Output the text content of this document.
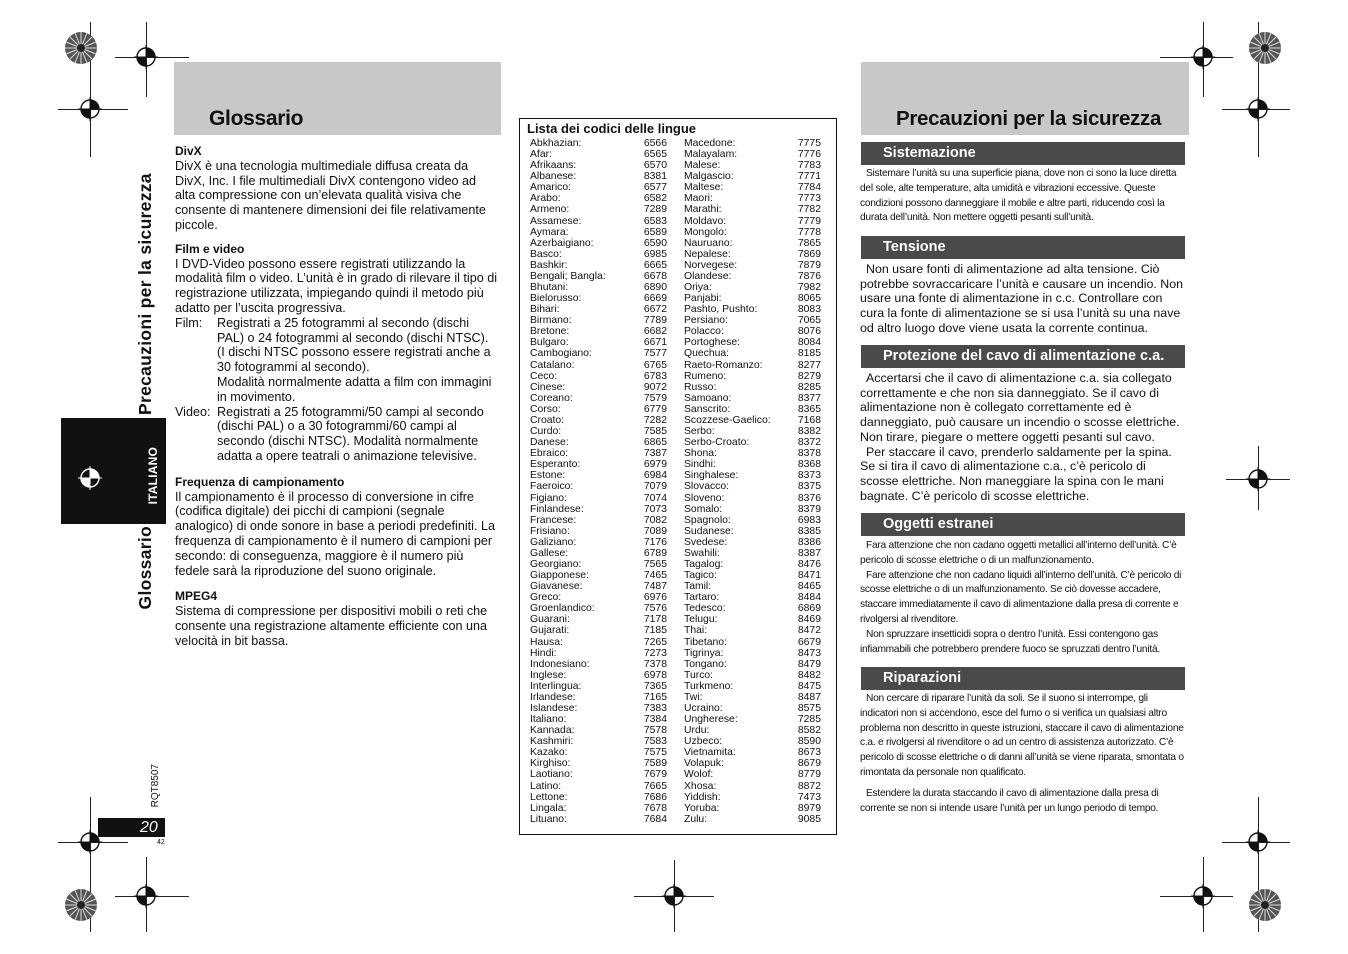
Glossario	Precauzioni per la sicurezza
Glossario
Precauzioni per la sicurezza
ITALIANO
RQT8507
20
42
DivX

DivX è una tecnologia multimediale diffusa creata da DivX, Inc. I file multimediali DivX contengono video ad alta compressione con un’elevata qualità visiva che consente di mantenere dimensioni dei file relativamente piccole.

Film e video

I DVD-Video possono essere registrati utilizzando la modalità film o video. L’unità è in grado di rilevare il tipo di registrazione utilizzata, impiegando quindi il metodo più adatto per l’uscita progressiva.

Film:	Registrati a 25 fotogrammi al secondo (dischi PAL) o 24 fotogrammi al secondo (dischi NTSC).
(I dischi NTSC possono essere registrati anche a 30 fotogrammi al secondo).
Modalità normalmente adatta a film con immagini in movimento.

Video:	Registrati a 25 fotogrammi/50 campi al secondo (dischi PAL) o a 30 fotogrammi/60 campi al secondo (dischi NTSC). Modalità normalmente adatta a opere teatrali o animazione televisive.
Frequenza di campionamento

Il campionamento è il processo di conversione in cifre (codifica digitale) dei picchi di campioni (segnale analogico) di onde sonore in base a periodi predefiniti. La frequenza di campionamento è il numero di campioni per secondo: di conseguenza, maggiore è il numero più fedele sarà la riproduzione del suono originale.

MPEG4

Sistema di compressione per dispositivi mobili o reti che consente una registrazione altamente efficiente con una velocità in bit bassa.

Lista dei codici delle lingue
Abkhazian:	6566
Afar:	6565
Afrikaans:	6570
Albanese:	8381
Amarico:	6577
Arabo:	6582
Armeno:	7289
Assamese:	6583
Aymara:	6589
Azerbaigiano:	6590
Basco:	6985
Bashkir:	6665
Bengali; Bangla:	6678
Bhutani:	6890
Bielorusso:	6669
Bihari:	6672
Birmano:	7789
Bretone:	6682
Bulgaro:	6671
Cambogiano:	7577
Catalano:	6765
Ceco:	6783
Cinese:	9072
Coreano:	7579
Corso:	6779
Croato:	7282
Curdo:	7585
Danese:	6865
Ebraico:	7387
Esperanto:	6979
Estone:	6984
Faeroico:	7079
Figiano:	7074
Finlandese:	7073
Francese:	7082
Frisiano:	7089
Galiziano:	7176
Gallese:	6789
Georgiano:	7565
Giapponese:	7465
Giavanese:	7487
Greco:	6976
Groenlandico:	7576
Guarani:	7178
Gujarati:	7185
Hausa:	7265
Hindi:	7273
Indonesiano:	7378
Inglese:	6978
Interlingua:	7365
Irlandese:	7165
Islandese:	7383
Italiano:	7384
Kannada:	7578
Kashmiri:	7583
Kazako:	7575
Kirghiso:	7589
Laotiano:	7679
Latino:	7665
Lettone:	7686
Lingala:	7678
Lituano:	7684
Macedone:	7775
Malayalam:	7776
Malese:	7783
Malgascio:	7771
Maltese:	7784
Maori:	7773
Marathi:	7782
Moldavo:	7779
Mongolo:	7778
Nauruano:	7865
Nepalese:	7869
Norvegese:	7879
Olandese:	7876
Oriya:	7982
Panjabi:	8065
Pashto, Pushto:	8083
Persiano:	7065
Polacco:	8076
Portoghese:	8084
Quechua:	8185
Raeto-Romanzo:	8277
Rumeno:	8279
Russo:	8285
Samoano:	8377
Sanscrito:	8365
Scozzese-Gaelico:	7168
Serbo:	8382
Serbo-Croato:	8372
Shona:	8378
Sindhi:	8368
Singhalese:	8373
Slovacco:	8375
Sloveno:	8376
Somalo:	8379
Spagnolo:	6983
Sudanese:	8385
Svedese:	8386
Swahili:	8387
Tagalog:	8476
Tagico:	8471
Tamil:	8465
Tartaro:	8484
Tedesco:	6869
Telugu:	8469
Thai:	8472
Tibetano:	6679
Tigrinya:	8473
Tongano:	8479
Turco:	8482
Turkmeno:	8475
Twi:	8487
Ucraino:	8575
Ungherese:	7285
Urdu:	8582
Uzbeco:	8590
Vietnamita:	8673
Volapuk:	8679
Wolof:	8779
Xhosa:	8872
Yiddish:	7473
Yoruba:	8979
Zulu:	9085
Sistemazione

Sistemare l’unità su una superficie piana, dove non ci sono la luce diretta del sole, alte temperature, alta umidità e vibrazioni eccessive. Queste condizioni possono danneggiare il mobile e altre parti, riducendo così la durata dell’unità. Non mettere oggetti pesanti sull’unità.

Tensione

Non usare fonti di alimentazione ad alta tensione. Ciò potrebbe sovraccaricare l’unità e causare un incendio. Non usare una fonte di alimentazione in c.c. Controllare con cura la fonte di alimentazione se si usa l’unità su una nave od altro luogo dove viene usata la corrente continua.

Protezione del cavo di alimentazione c.a.

Accertarsi che il cavo di alimentazione c.a. sia collegato correttamente e che non sia danneggiato. Se il cavo di alimentazione non è collegato correttamente ed è danneggiato, può causare un incendio o scosse elettriche. Non tirare, piegare o mettere oggetti pesanti sul cavo.

Per staccare il cavo, prenderlo saldamente per la spina. Se si tira il cavo di alimentazione c.a., c’è pericolo di scosse elettriche. Non maneggiare la spina con le mani bagnate. C’è pericolo di scosse elettriche.

Oggetti estranei

Fara attenzione che non cadano oggetti metallici all’interno dell’unità. C’è pericolo di scosse elettriche o di un malfunzionamento.

Fare attenzione che non cadano liquidi all’interno dell’unità. C’è pericolo di scosse elettriche o di un malfunzionamento. Se ciò dovesse accadere, staccare immediatamente il cavo di alimentazione dalla presa di corrente e rivolgersi al rivenditore.

Non spruzzare insetticidi sopra o dentro l’unità. Essi contengono gas infiammabili che potrebbero prendere fuoco se spruzzati dentro l’unità.

Riparazioni

Non cercare di riparare l’unità da soli. Se il suono si interrompe, gli indicatori non si accendono, esce del fumo o si verifica un qualsiasi altro problema non descritto in queste istruzioni, staccare il cavo di alimentazione c.a. e rivolgersi al rivenditore o ad un centro di assistenza autorizzato. C’è pericolo di scosse elettriche o di danni all’unità se viene riparata, smontata o rimontata da personale non qualificato.

Estendere la durata staccando il cavo di alimentazione dalla presa di corrente se non si intende usare l’unità per un lungo periodo di tempo.
